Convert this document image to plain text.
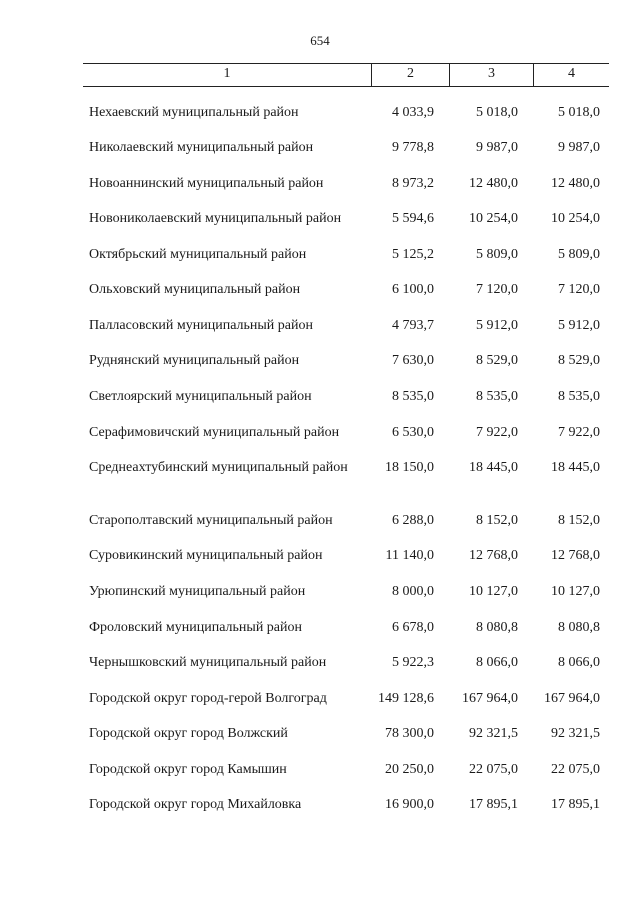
654
1	2	3	4
Нехаевский муниципальный район	4 033,9	5 018,0	5 018,0
Николаевский муниципальный район	9 778,8	9 987,0	9 987,0
Новоаннинский муниципальный район	8 973,2	12 480,0	12 480,0
Новониколаевский муниципальный район	5 594,6	10 254,0	10 254,0
Октябрьский муниципальный район	5 125,2	5 809,0	5 809,0
Ольховский муниципальный район	6 100,0	7 120,0	7 120,0
Палласовский муниципальный район	4 793,7	5 912,0	5 912,0
Руднянский муниципальный район	7 630,0	8 529,0	8 529,0
Светлоярский муниципальный район	8 535,0	8 535,0	8 535,0
Серафимовичский муниципальный район	6 530,0	7 922,0	7 922,0
Среднеахтубинский муниципальный район	18 150,0	18 445,0	18 445,0
Старополтавский муниципальный район	6 288,0	8 152,0	8 152,0
Суровикинский муниципальный район	11 140,0	12 768,0	12 768,0
Урюпинский муниципальный район	8 000,0	10 127,0	10 127,0
Фроловский муниципальный район	6 678,0	8 080,8	8 080,8
Чернышковский муниципальный район	5 922,3	8 066,0	8 066,0
Городской округ город-герой Волгоград	149 128,6	167 964,0	167 964,0
Городской округ город Волжский	78 300,0	92 321,5	92 321,5
Городской округ город Камышин	20 250,0	22 075,0	22 075,0
Городской округ город Михайловка	16 900,0	17 895,1	17 895,1
